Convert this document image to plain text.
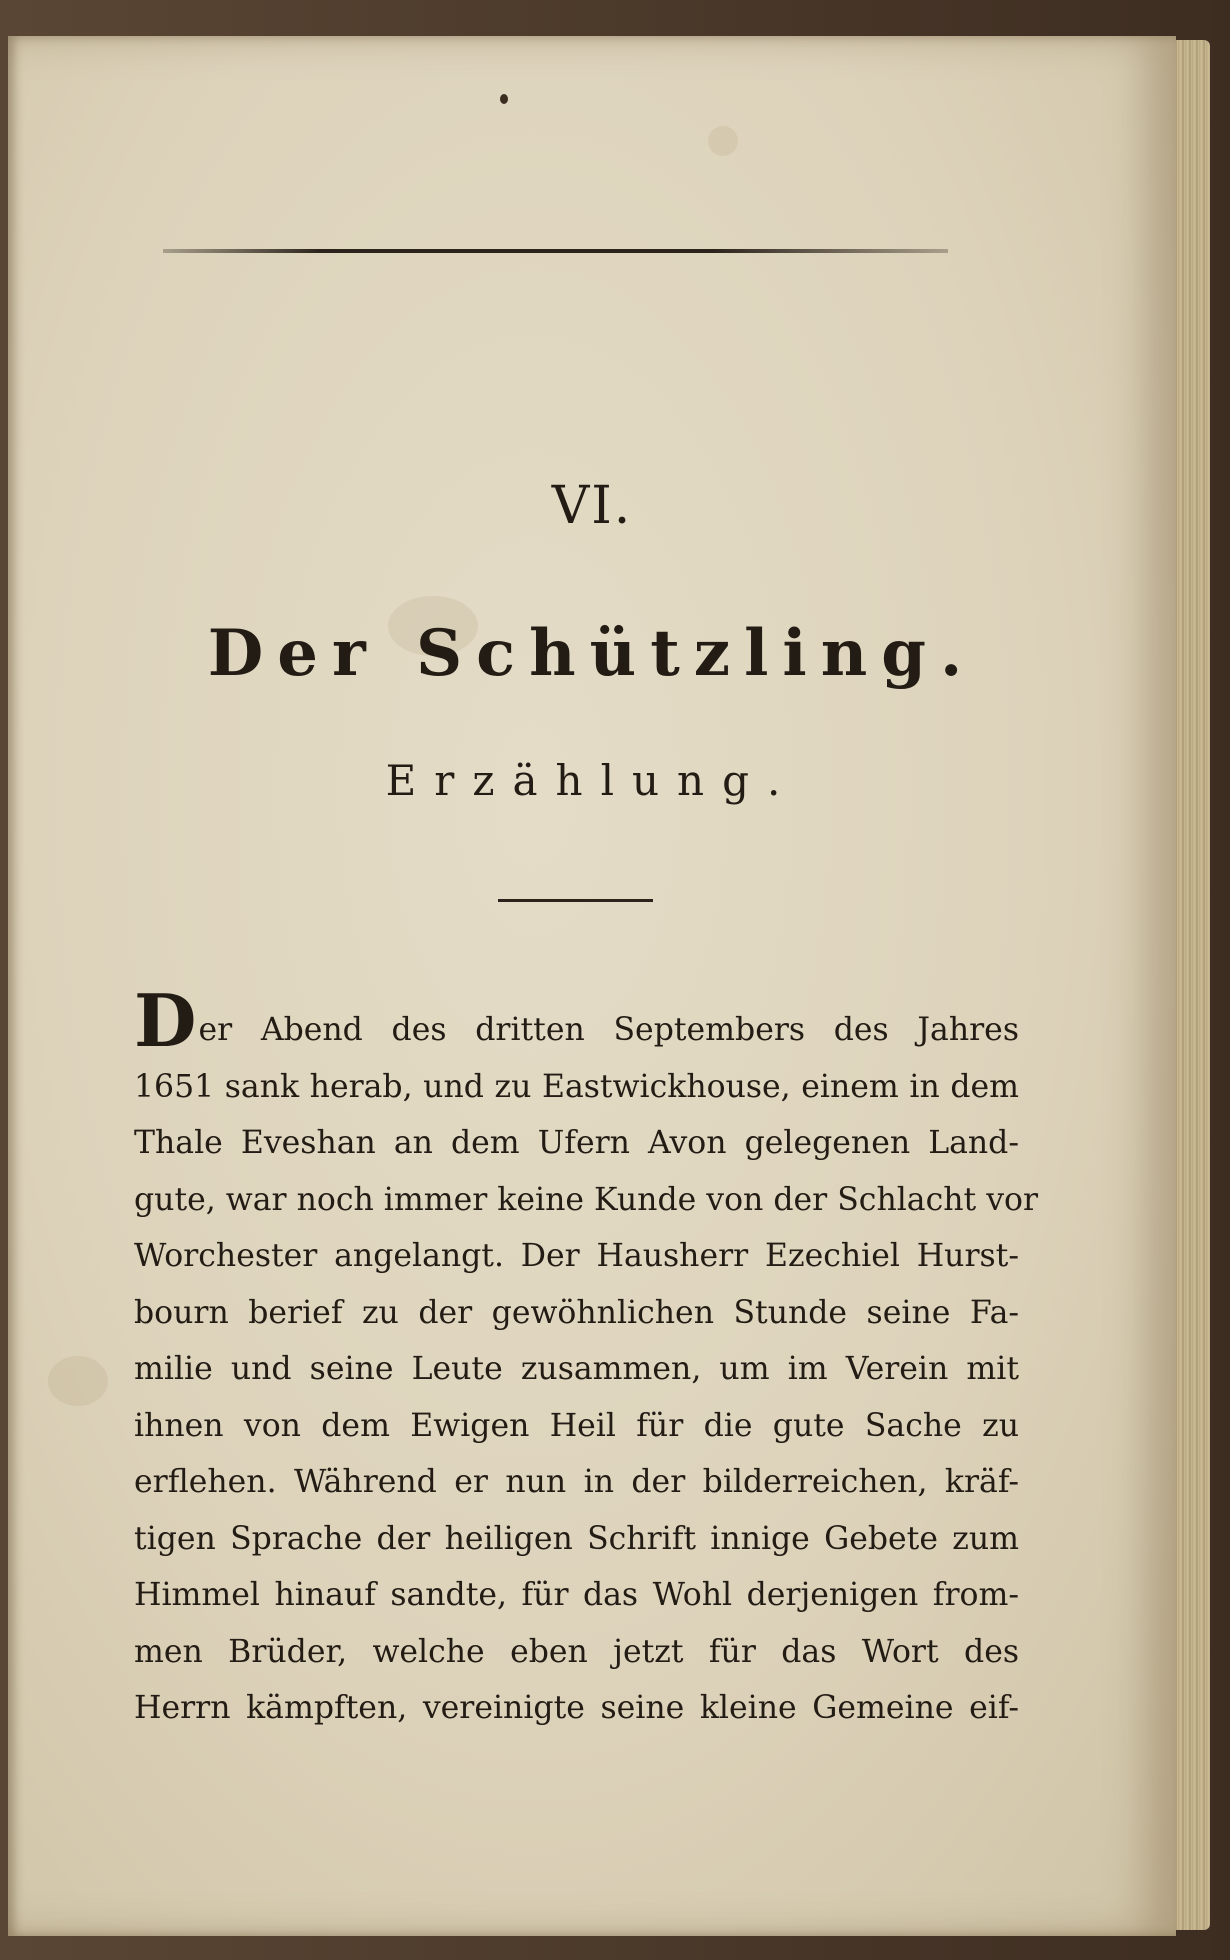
VI.
Der Schützling.
Erzählung.
Der Abend des dritten Septembers des Jahres
1651 sank herab, und zu Eastwickhouse, einem in dem
Thale Eveshan an dem Ufern Avon gelegenen Land-
gute, war noch immer keine Kunde von der Schlacht vor
Worchester angelangt. Der Hausherr Ezechiel Hurst-
bourn berief zu der gewöhnlichen Stunde seine Fa-
milie und seine Leute zusammen, um im Verein mit
ihnen von dem Ewigen Heil für die gute Sache zu
erflehen. Während er nun in der bilderreichen, kräf-
tigen Sprache der heiligen Schrift innige Gebete zum
Himmel hinauf sandte, für das Wohl derjenigen from-
men Brüder, welche eben jetzt für das Wort des
Herrn kämpften, vereinigte seine kleine Gemeine eif-
